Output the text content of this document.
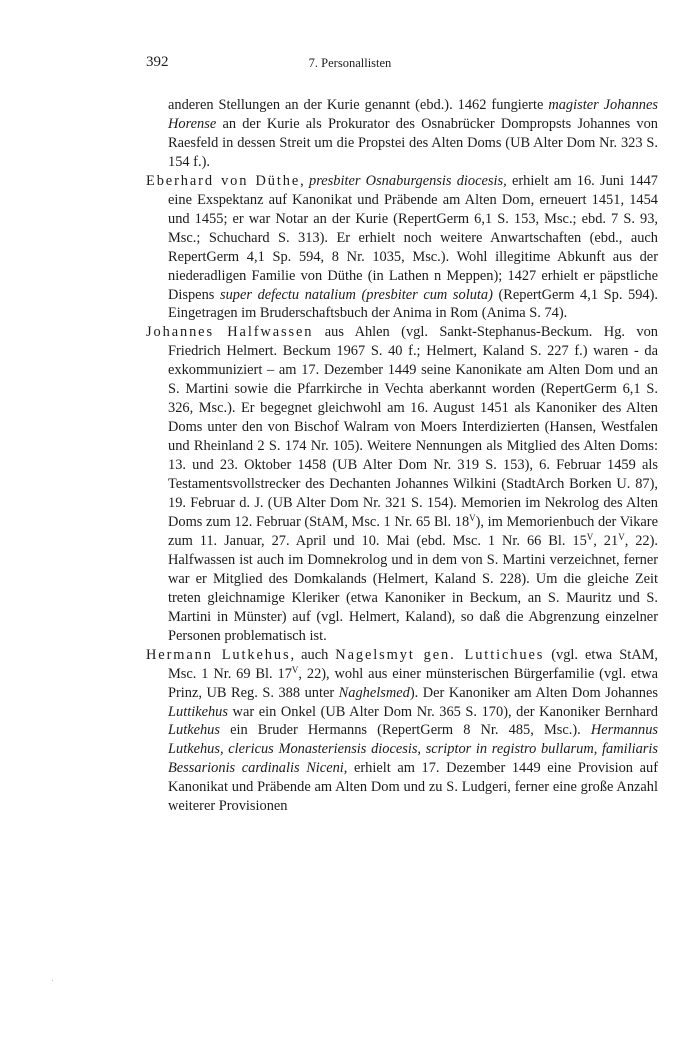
392	7. Personallisten

anderen Stellungen an der Kurie genannt (ebd.). 1462 fungierte magister Johannes Horense an der Kurie als Prokurator des Osnabrücker Dompropsts Johannes von Raesfeld in dessen Streit um die Propstei des Alten Doms (UB Alter Dom Nr. 323 S. 154 f.).

Eberhard von Düthe, presbiter Osnaburgensis diocesis, erhielt am 16. Juni 1447 eine Exspektanz auf Kanonikat und Präbende am Alten Dom, erneuert 1451, 1454 und 1455; er war Notar an der Kurie (RepertGerm 6,1 S. 153, Msc.; ebd. 7 S. 93, Msc.; Schuchard S. 313). Er erhielt noch weitere Anwartschaften (ebd., auch RepertGerm 4,1 Sp. 594, 8 Nr. 1035, Msc.). Wohl illegitime Abkunft aus der niederadligen Familie von Düthe (in Lathen n Meppen); 1427 erhielt er päpstliche Dispens super defectu natalium (presbiter cum soluta) (RepertGerm 4,1 Sp. 594). Eingetragen im Bruderschaftsbuch der Anima in Rom (Anima S. 74).

Johannes Halfwassen aus Ahlen (vgl. Sankt-Stephanus-Beckum. Hg. von Friedrich Helmert. Beckum 1967 S. 40 f.; Helmert, Kaland S. 227 f.) waren - da exkommuniziert – am 17. Dezember 1449 seine Kanonikate am Alten Dom und an S. Martini sowie die Pfarrkirche in Vechta aberkannt worden (RepertGerm 6,1 S. 326, Msc.). Er begegnet gleichwohl am 16. August 1451 als Kanoniker des Alten Doms unter den von Bischof Walram von Moers Interdizierten (Hansen, Westfalen und Rheinland 2 S. 174 Nr. 105). Weitere Nennungen als Mitglied des Alten Doms: 13. und 23. Oktober 1458 (UB Alter Dom Nr. 319 S. 153), 6. Februar 1459 als Testamentsvollstrecker des Dechanten Johannes Wilkini (StadtArch Borken U. 87), 19. Februar d. J. (UB Alter Dom Nr. 321 S. 154). Memorien im Nekrolog des Alten Doms zum 12. Februar (StAM, Msc. 1 Nr. 65 Bl. $18^V$), im Memorienbuch der Vikare zum 11. Januar, 27. April und 10. Mai (ebd. Msc. 1 Nr. 66 Bl. $15^V$, $21^V$, 22). Halfwassen ist auch im Domnekrolog und in dem von S. Martini verzeichnet, ferner war er Mitglied des Domkalands (Helmert, Kaland S. 228). Um die gleiche Zeit treten gleichnamige Kleriker (etwa Kanoniker in Beckum, an S. Mauritz und S. Martini in Münster) auf (vgl. Helmert, Kaland), so daß die Abgrenzung einzelner Personen problematisch ist.

Hermann Lutkehus, auch Nagelsmyt gen. Luttichues (vgl. etwa StAM, Msc. 1 Nr. 69 Bl. $17^V$, 22), wohl aus einer münsterischen Bürgerfamilie (vgl. etwa Prinz, UB Reg. S. 388 unter Naghelsmed). Der Kanoniker am Alten Dom Johannes Luttikehus war ein Onkel (UB Alter Dom Nr. 365 S. 170), der Kanoniker Bernhard Lutkehus ein Bruder Hermanns (RepertGerm 8 Nr. 485, Msc.). Hermannus Lutkehus, clericus Monasteriensis diocesis, scriptor in registro bullarum, familiaris Bessarionis cardinalis Niceni, erhielt am 17. Dezember 1449 eine Provision auf Kanonikat und Präbende am Alten Dom und zu S. Ludgeri, ferner eine große Anzahl weiterer Provisionen
